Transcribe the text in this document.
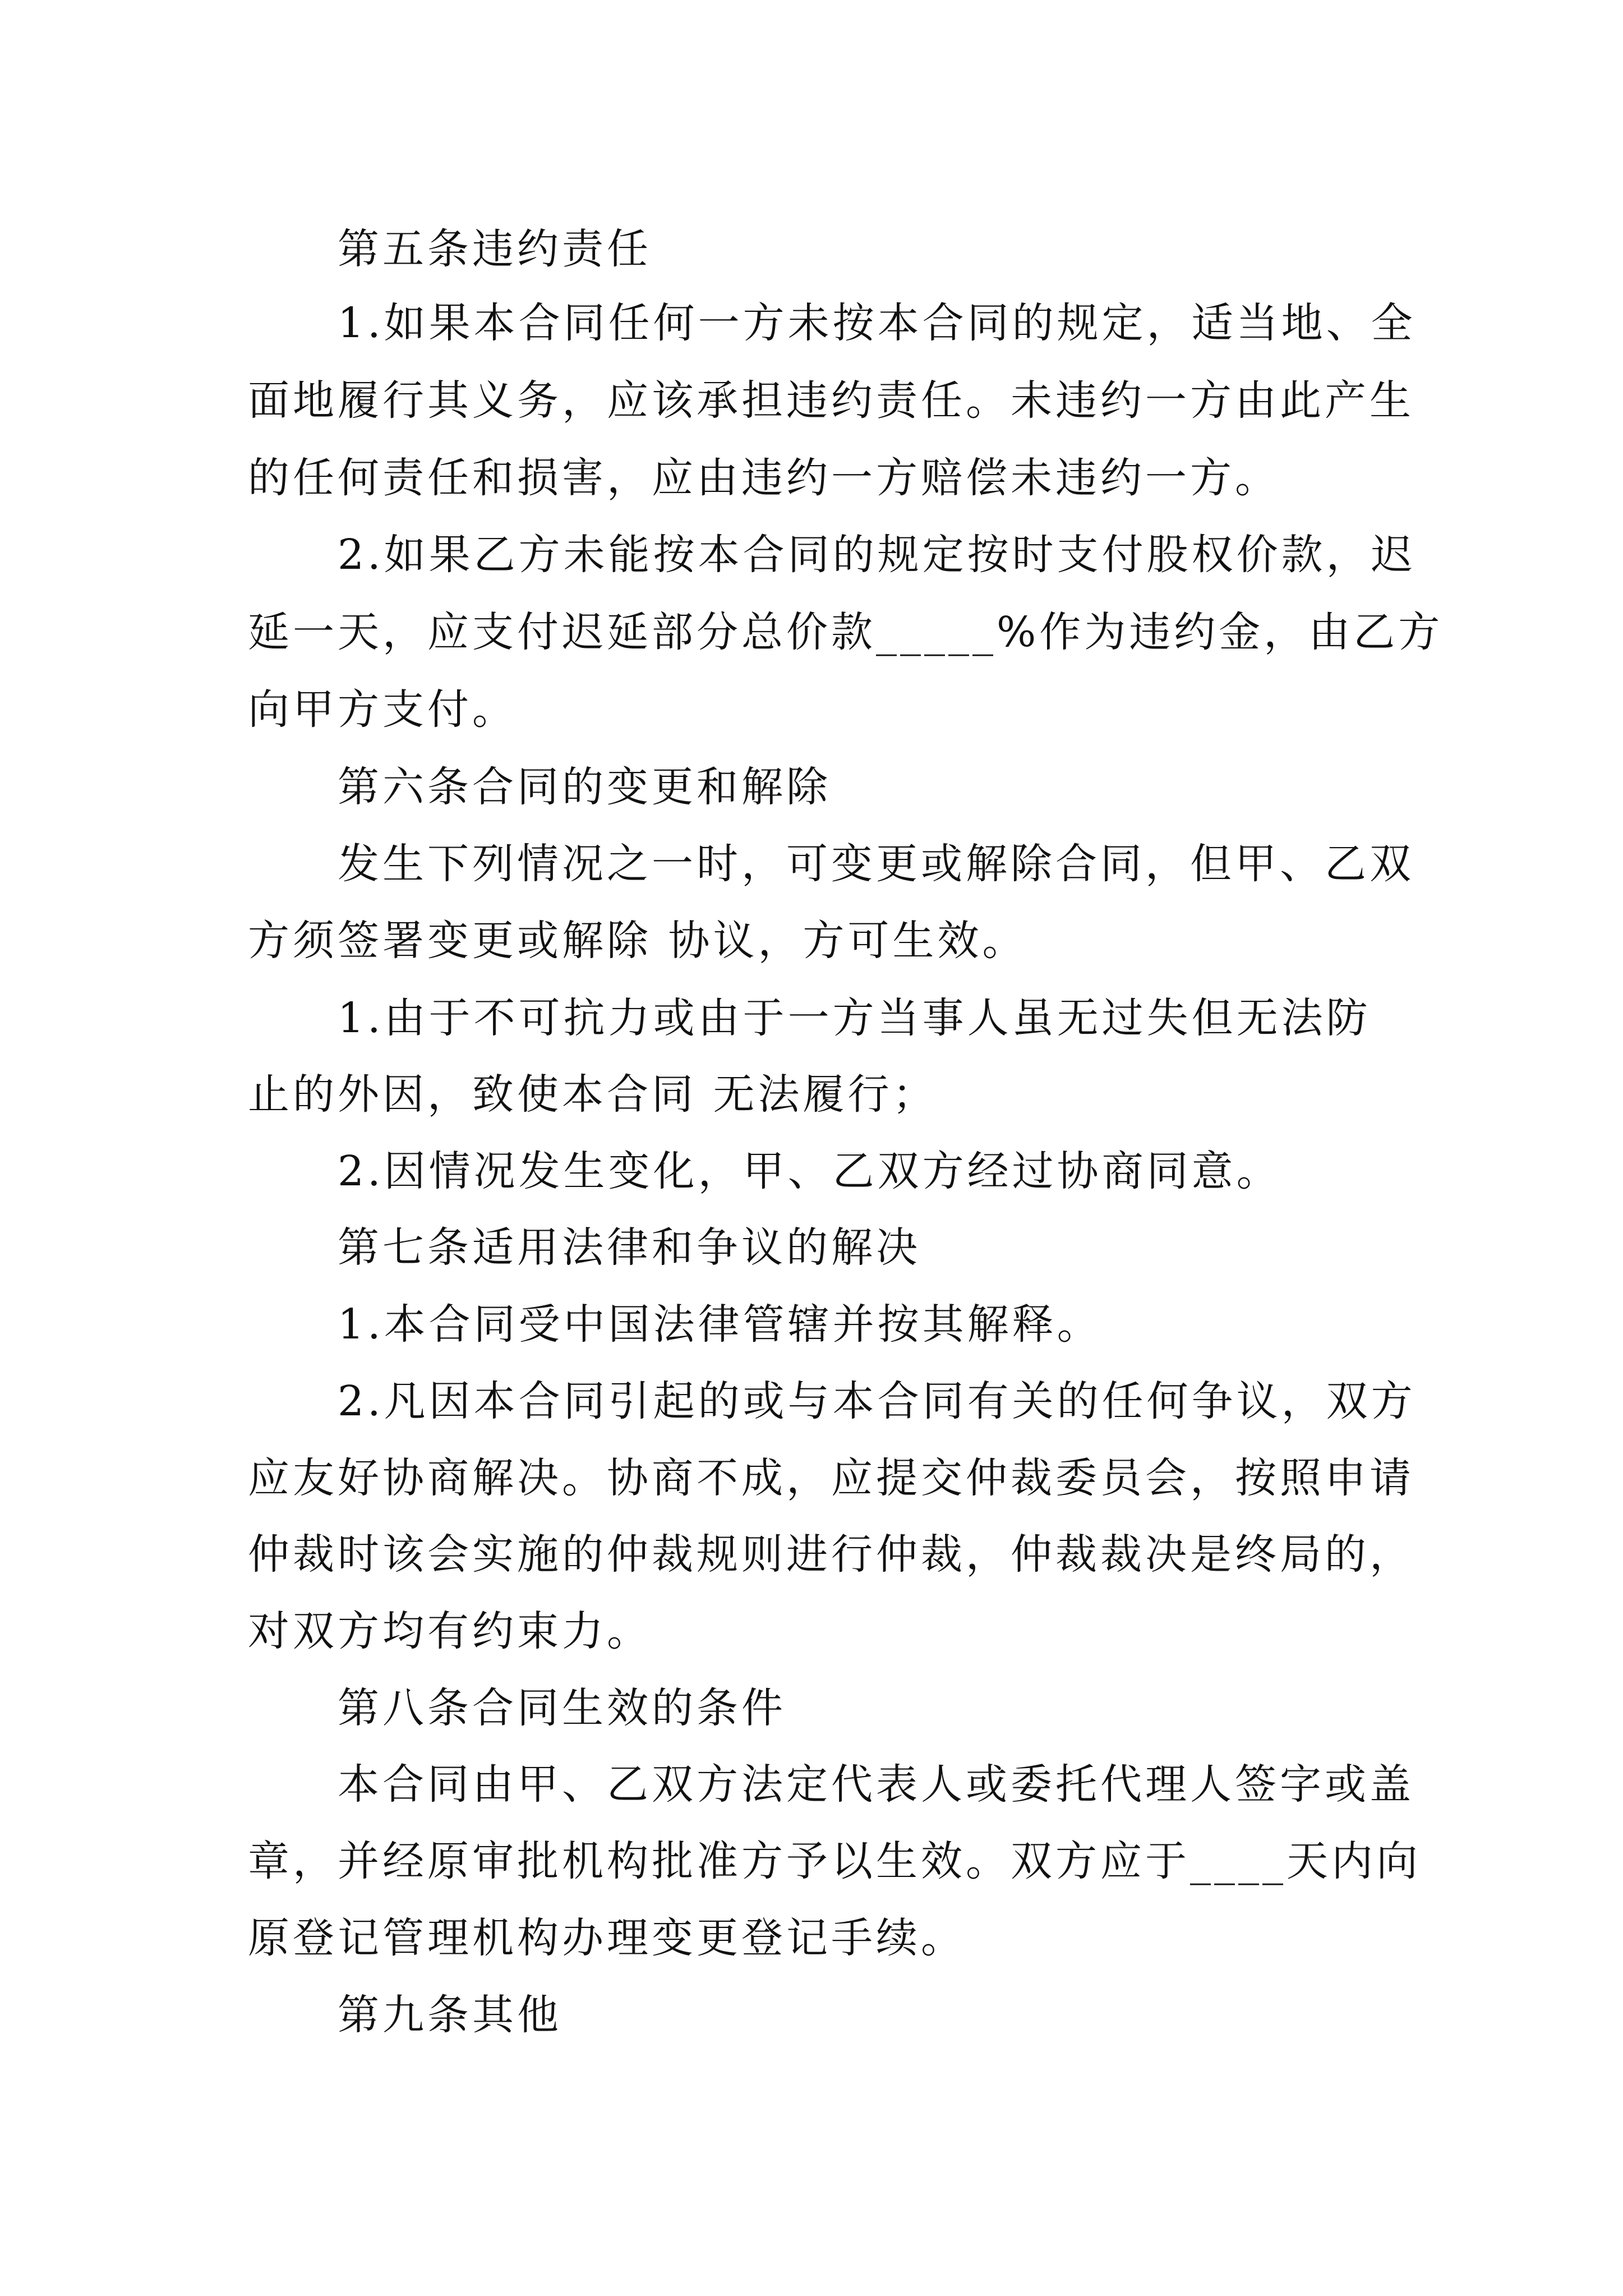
　　第五条违约责任

　　1.如果本合同任何一方未按本合同的规定，适当地、全

面地履行其义务，应该承担违约责任。未违约一方由此产生

的任何责任和损害，应由违约一方赔偿未违约一方。

　　2.如果乙方未能按本合同的规定按时支付股权价款，迟

延一天，应支付迟延部分总价款_____%作为违约金，由乙方

向甲方支付。

　　第六条合同的变更和解除

　　发生下列情况之一时，可变更或解除合同，但甲、乙双

方须签署变更或解除 协议，方可生效。

　　1.由于不可抗力或由于一方当事人虽无过失但无法防

止的外因，致使本合同 无法履行；

　　2.因情况发生变化，甲、乙双方经过协商同意。

　　第七条适用法律和争议的解决

　　1.本合同受中国法律管辖并按其解释。

　　2.凡因本合同引起的或与本合同有关的任何争议，双方

应友好协商解决。协商不成，应提交仲裁委员会，按照申请

仲裁时该会实施的仲裁规则进行仲裁，仲裁裁决是终局的，

对双方均有约束力。

　　第八条合同生效的条件

　　本合同由甲、乙双方法定代表人或委托代理人签字或盖

章，并经原审批机构批准方予以生效。双方应于____天内向

原登记管理机构办理变更登记手续。

　　第九条其他
